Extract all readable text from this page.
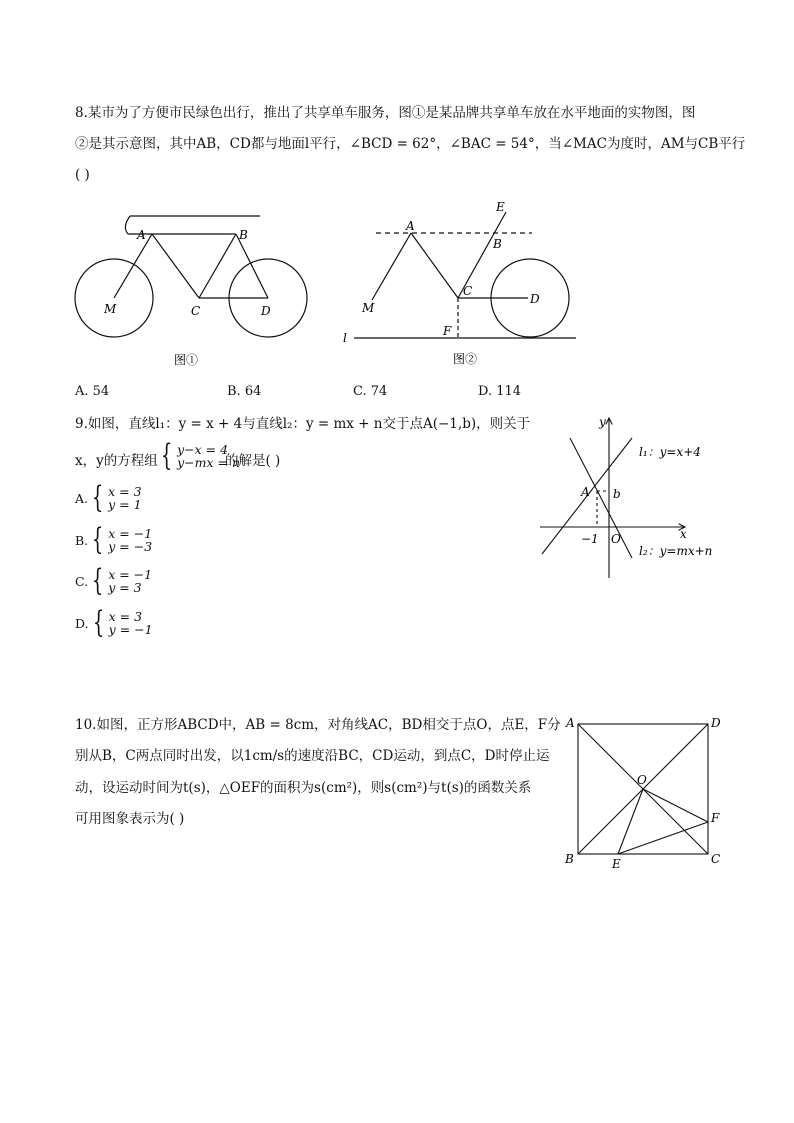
8.某市为了方便市民绿色出行，推出了共享单车服务，图①是某品牌共享单车放在水平地面的实物图，图
②是其示意图，其中AB，CD都与地面l平行，∠BCD = 62°，∠BAC = 54°，当∠MAC为度时，AM与CB平行
( )
A	B
M	C	D
图①
E
A
B
C
D
M
F
l
图②
A. 54	B. 64	C. 74	D. 114
9.如图，直线l₁：y = x + 4与直线l₂：y = mx + n交于点A(−1,b)，则关于
x，y的方程组 { y−x = 4
y−mx = n
的解是( )
A. { x = 3
y = 1
B. { x = −1
y = −3
C. { x = −1
y = 3
D. { x = 3
y = −1
y
x
l₁：y=x+4
l₂：y=mx+n
A b
−1 O
10.如图，正方形ABCD中，AB = 8cm，对角线AC，BD相交于点O，点E，F分
别从B，C两点同时出发，以1cm/s的速度沿BC，CD运动，到点C，D时停止运
动，设运动时间为t(s)，△OEF的面积为s(cm²)，则s(cm²)与t(s)的函数关系
可用图象表示为( )
A	D
O
F
B	E	C
